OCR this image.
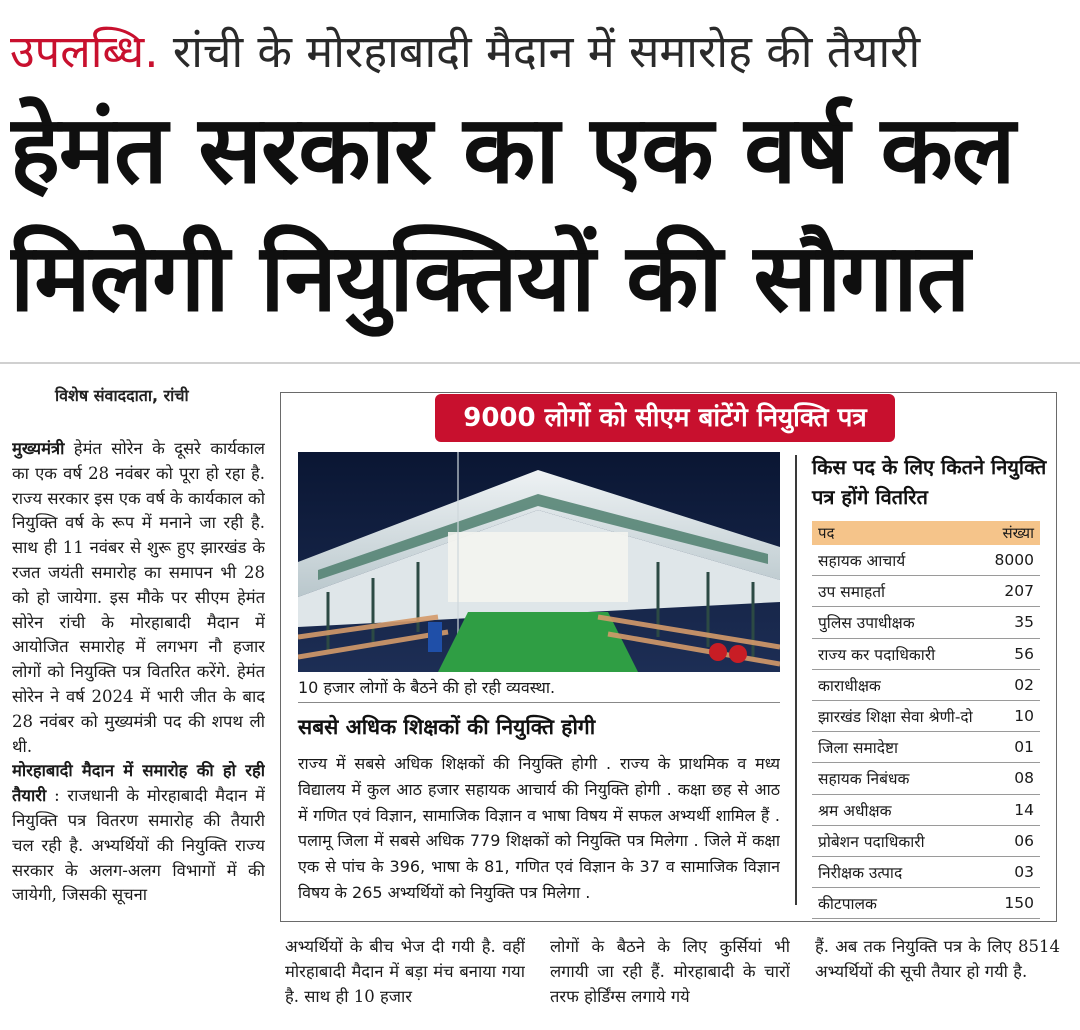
उपलब्धि. रांची के मोरहाबादी मैदान में समारोह की तैयारी
हेमंत सरकार का एक वर्ष कल
मिलेगी नियुक्तियों की सौगात
विशेष संवाददाता, रांची
मुख्यमंत्री हेमंत सोरेन के दूसरे कार्यकाल का एक वर्ष 28 नवंबर को पूरा हो रहा है. राज्य सरकार इस एक वर्ष के कार्यकाल को नियुक्ति वर्ष के रूप में मनाने जा रही है. साथ ही 11 नवंबर से शुरू हुए झारखंड के रजत जयंती समारोह का समापन भी 28 को हो जायेगा. इस मौके पर सीएम हेमंत सोरेन रांची के मोरहाबादी मैदान में आयोजित समारोह में लगभग नौ हजार लोगों को नियुक्ति पत्र वितरित करेंगे. हेमंत सोरेन ने वर्ष 2024 में भारी जीत के बाद 28 नवंबर को मुख्यमंत्री पद की शपथ ली थी.
मोरहाबादी मैदान में समारोह की हो रही तैयारी : राजधानी के मोरहाबादी मैदान में नियुक्ति पत्र वितरण समारोह की तैयारी चल रही है. अभ्यर्थियों की नियुक्ति राज्य सरकार के अलग-अलग विभागों में की जायेगी, जिसकी सूचना
अभ्यर्थियों के बीच भेज दी गयी है. वहीं मोरहाबादी मैदान में बड़ा मंच बनाया गया है. साथ ही 10 हजार
लोगों के बैठने के लिए कुर्सियां भी लगायी जा रही हैं. मोरहाबादी के चारों तरफ होर्डिंग्स लगाये गये
हैं. अब तक नियुक्ति पत्र के लिए 8514 अभ्यर्थियों की सूची तैयार हो गयी है.
9000 लोगों को सीएम बांटेंगे नियुक्ति पत्र
10 हजार लोगों के बैठने की हो रही व्यवस्था.
सबसे अधिक शिक्षकों की नियुक्ति होगी
राज्य में सबसे अधिक शिक्षकों की नियुक्ति होगी . राज्य के प्राथमिक व मध्य विद्यालय में कुल आठ हजार सहायक आचार्य की नियुक्ति होगी . कक्षा छह से आठ में गणित एवं विज्ञान, सामाजिक विज्ञान व भाषा विषय में सफल अभ्यर्थी शामिल हैं . पलामू जिला में सबसे अधिक 779 शिक्षकों को नियुक्ति पत्र मिलेगा . जिले में कक्षा एक से पांच के 396, भाषा के 81, गणित एवं विज्ञान के 37 व सामाजिक विज्ञान विषय के 265 अभ्यर्थियों को नियुक्ति पत्र मिलेगा .
किस पद के लिए कितने नियुक्ति पत्र होंगे वितरित
पद	संख्या
सहायक आचार्य	8000
उप समाहर्ता	207
पुलिस उपाधीक्षक	35
राज्य कर पदाधिकारी	56
काराधीक्षक	02
झारखंड शिक्षा सेवा श्रेणी-दो	10
जिला समादेष्टा	01
सहायक निबंधक	08
श्रम अधीक्षक	14
प्रोबेशन पदाधिकारी	06
निरीक्षक उत्पाद	03
कीटपालक	150
